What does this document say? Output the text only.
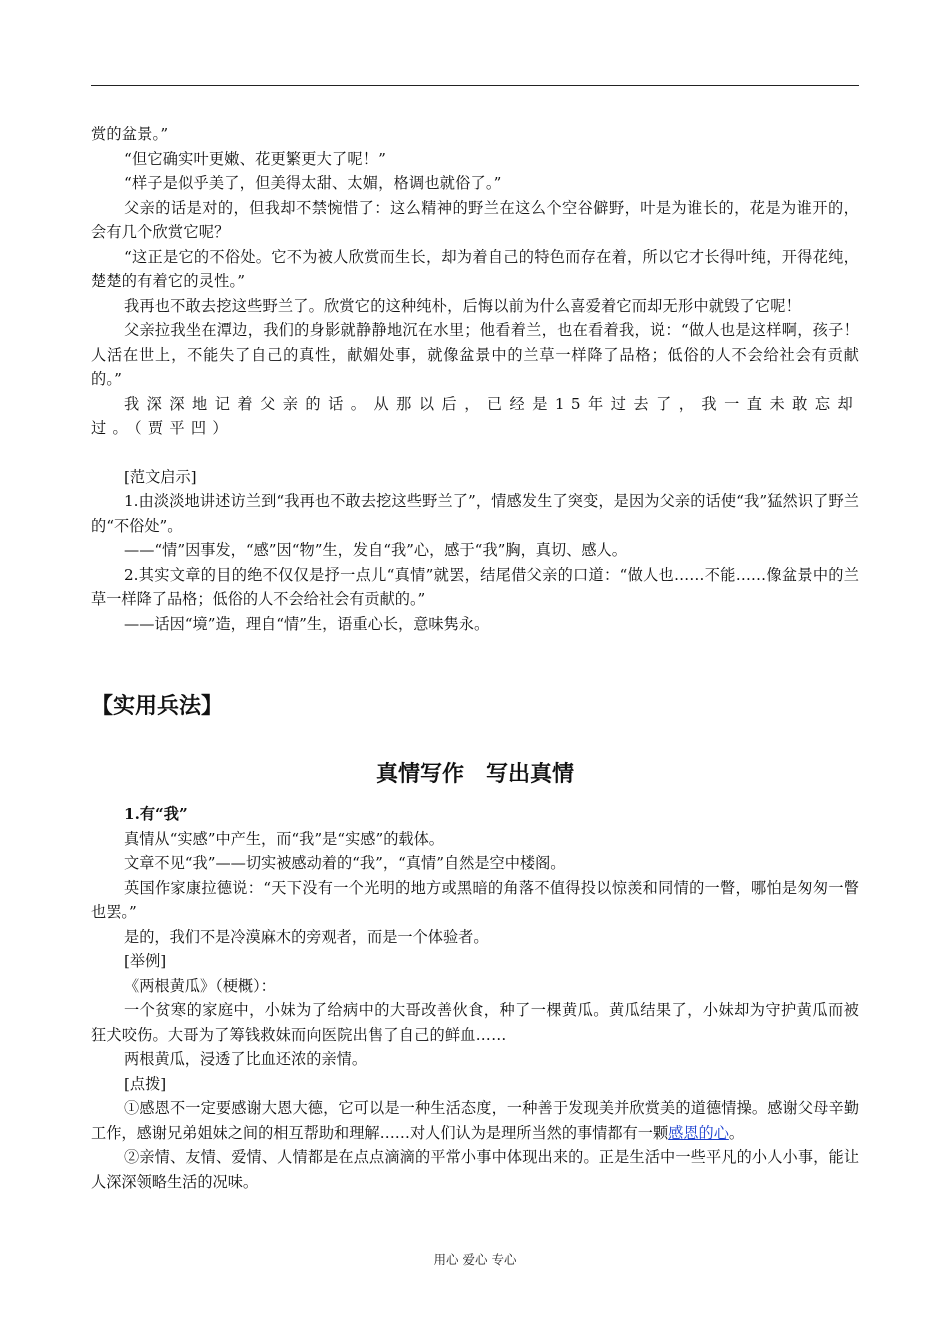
赏的盆景。”

“但它确实叶更嫩、花更繁更大了呢！”

“样子是似乎美了，但美得太甜、太媚，格调也就俗了。”

父亲的话是对的，但我却不禁惋惜了：这么精神的野兰在这么个空谷僻野，叶是为谁长的，花是为谁开的，会有几个欣赏它呢？

“这正是它的不俗处。它不为被人欣赏而生长，却为着自己的特色而存在着，所以它才长得叶纯，开得花纯，楚楚的有着它的灵性。”

我再也不敢去挖这些野兰了。欣赏它的这种纯朴，后悔以前为什么喜爱着它而却无形中就毁了它呢！

父亲拉我坐在潭边，我们的身影就静静地沉在水里；他看着兰，也在看着我，说：“做人也是这样啊，孩子！人活在世上，不能失了自己的真性，献媚处事，就像盆景中的兰草一样降了品格；低俗的人不会给社会有贡献的。”

我深深地记着父亲的话。从那以后，已经是15年过去了，我一直未敢忘却过。（贾平凹）

[范文启示]

1.由淡淡地讲述访兰到“我再也不敢去挖这些野兰了”，情感发生了突变，是因为父亲的话使“我”猛然识了野兰的“不俗处”。

——“情”因事发，“感”因“物”生，发自“我”心，感于“我”胸，真切、感人。

2.其实文章的目的绝不仅仅是抒一点儿“真情”就罢，结尾借父亲的口道：“做人也……不能……像盆景中的兰草一样降了品格；低俗的人不会给社会有贡献的。”

——话因“境”造，理自“情”生，语重心长，意味隽永。

【实用兵法】

真情写作　写出真情

1.有“我”

真情从“实感”中产生，而“我”是“实感”的载体。

文章不见“我”——切实被感动着的“我”，“真情”自然是空中楼阁。

英国作家康拉德说：“天下没有一个光明的地方或黑暗的角落不值得投以惊羡和同情的一瞥，哪怕是匆匆一瞥也罢。”

是的，我们不是冷漠麻木的旁观者，而是一个体验者。

[举例]

《两根黄瓜》（梗概）：

一个贫寒的家庭中，小妹为了给病中的大哥改善伙食，种了一棵黄瓜。黄瓜结果了，小妹却为守护黄瓜而被狂犬咬伤。大哥为了筹钱救妹而向医院出售了自己的鲜血……

两根黄瓜，浸透了比血还浓的亲情。

[点拨]

①感恩不一定要感谢大恩大德，它可以是一种生活态度，一种善于发现美并欣赏美的道德情操。感谢父母辛勤工作，感谢兄弟姐妹之间的相互帮助和理解……对人们认为是理所当然的事情都有一颗感恩的心。

②亲情、友情、爱情、人情都是在点点滴滴的平常小事中体现出来的。正是生活中一些平凡的小人小事，能让人深深领略生活的况味。

用心 爱心 专心
